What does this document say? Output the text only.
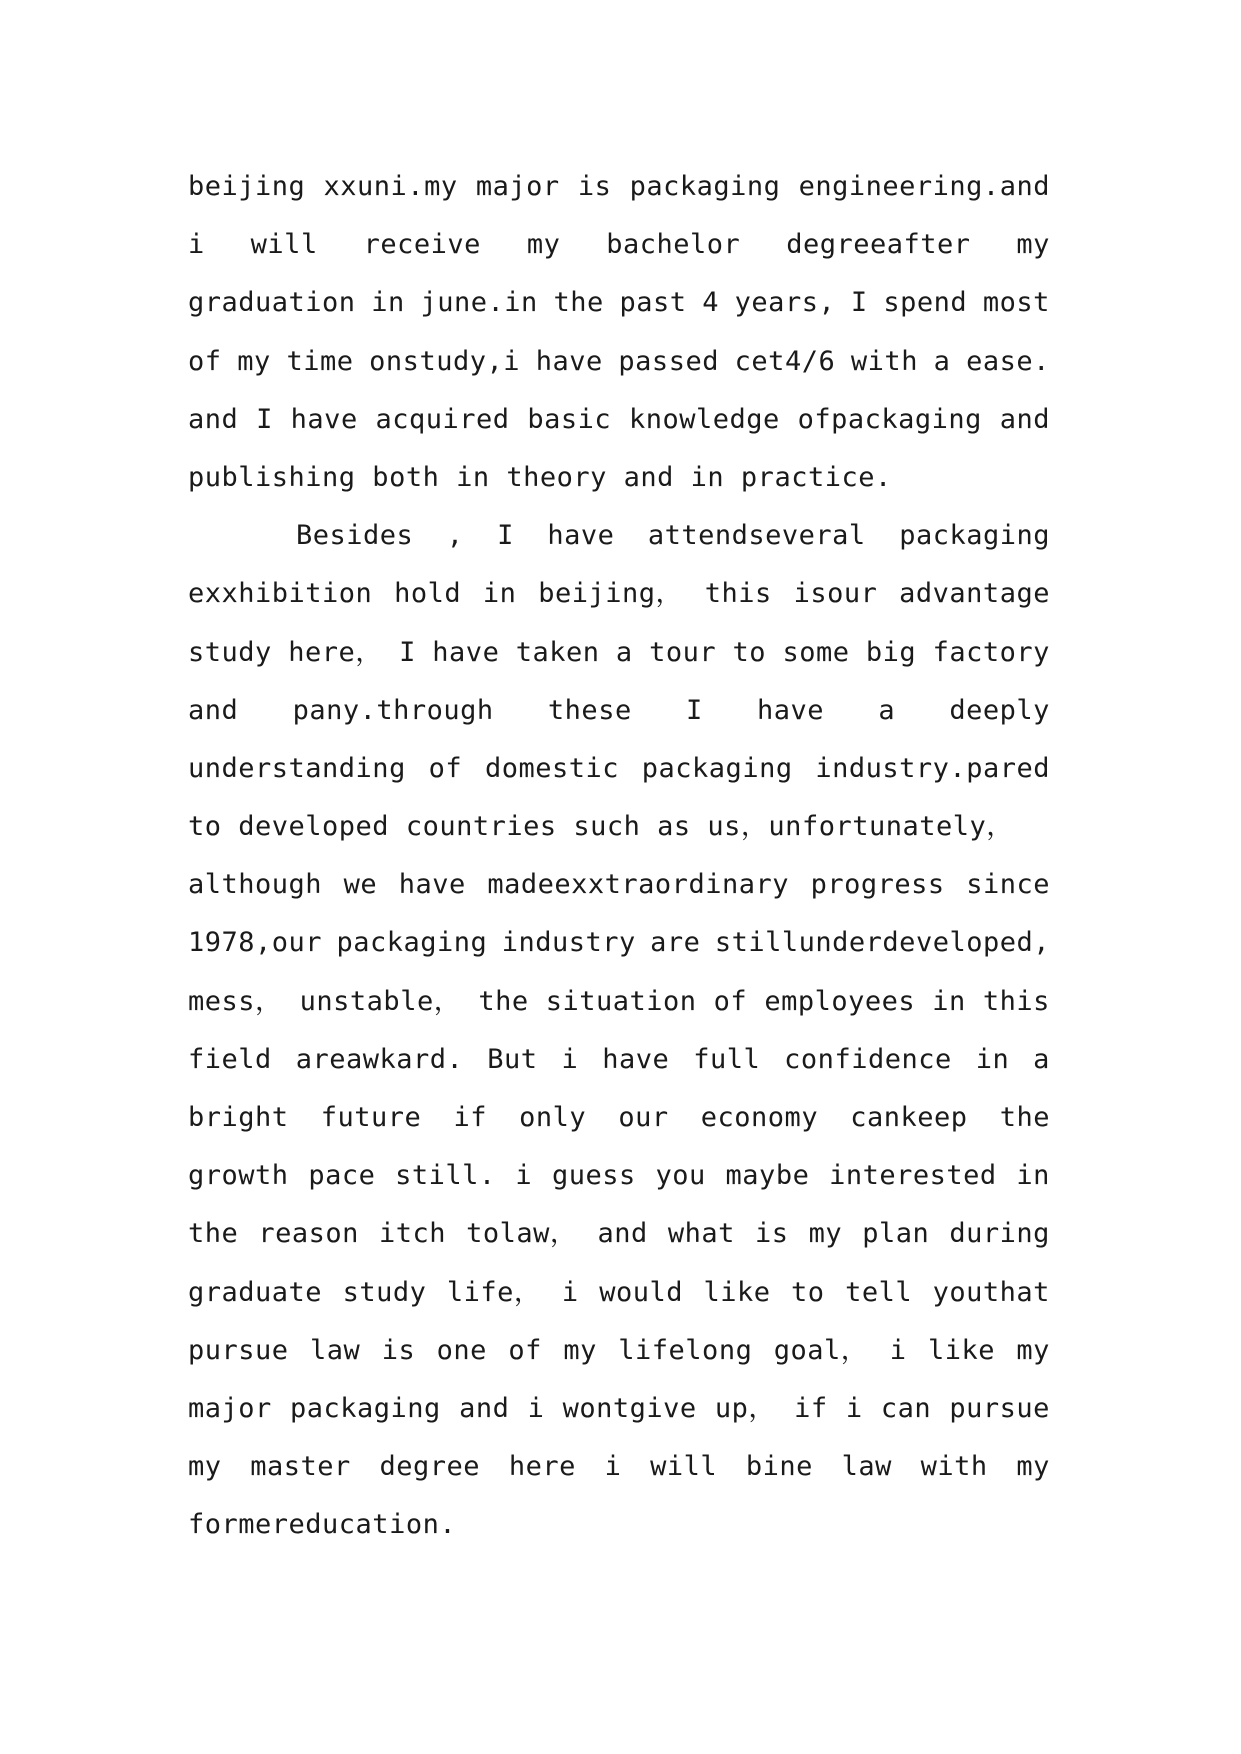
beijing xxuni.my major is packaging engineering.and
i will receive my bachelor degreeafter my
graduation in june.in the past 4 years, I spend most
of my time onstudy,i have passed cet4/6 with a ease.
and I have acquired basic knowledge ofpackaging and
publishing both in theory and in practice.
Besides , I have attendseveral packaging
exxhibition hold in beijing， this isour advantage
study here， I have taken a tour to some big factory
and pany.through these I have a deeply
understanding of domestic packaging industry.pared
to developed countries such as us，unfortunately，
although we have madeexxtraordinary progress since
1978,our packaging industry are stillunderdeveloped,
mess， unstable， the situation of employees in this
field areawkard. But i have full confidence in a
bright future if only our economy cankeep the
growth pace still. i guess you maybe interested in
the reason itch tolaw， and what is my plan during
graduate study life， i would like to tell youthat
pursue law is one of my lifelong goal， i like my
major packaging and i wontgive up， if i can pursue
my master degree here i will bine law with my
formereducation.
